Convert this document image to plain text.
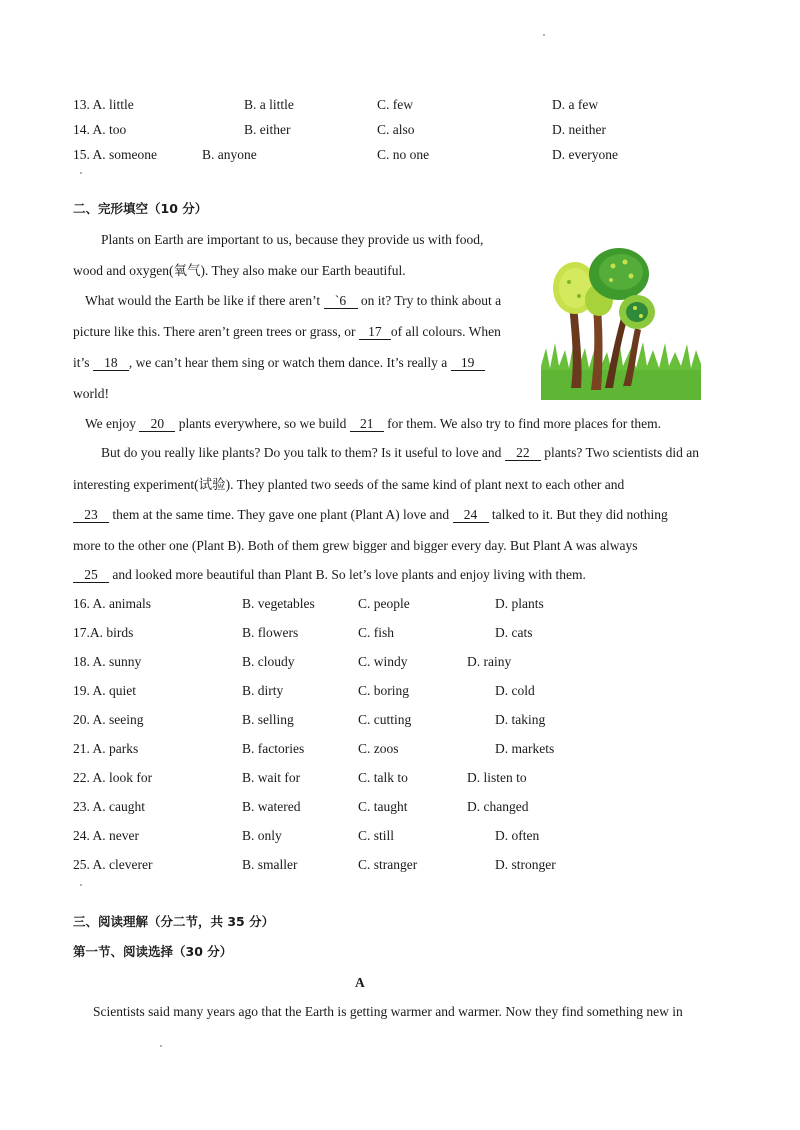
13. A. little	B. a little	C. few	D. a few
14. A. too	B. either	C. also	D. neither
15. A. someone	B. anyone	C. no one	D. everyone
二、完形填空（10 分）
Plants on Earth are important to us, because they provide us with food,
wood and oxygen(氧气). They also make our Earth beautiful.
What would the Earth be like if there aren’t `6 on it? Try to think about a
picture like this. There aren’t green trees or grass, or 17 of all colours. When
it’s 18 , we can’t hear them sing or watch them dance. It’s really a 19
world!
We enjoy 20 plants everywhere, so we build 21 for them. We also try to find more places for them.
But do you really like plants? Do you talk to them? Is it useful to love and 22 plants? Two scientists did an
interesting experiment(试验). They planted two seeds of the same kind of plant next to each other and
23 them at the same time. They gave one plant (Plant A) love and 24 talked to it. But they did nothing
more to the other one (Plant B). Both of them grew bigger and bigger every day. But Plant A was always
25 and looked more beautiful than Plant B. So let’s love plants and enjoy living with them.
16. A. animals	B. vegetables	C. people	D. plants
17.A. birds	B. flowers	C. fish	D. cats
18. A. sunny	B. cloudy	C. windy	D. rainy
19. A. quiet	B. dirty	C. boring	D. cold
20. A. seeing	B. selling	C. cutting	D. taking
21. A. parks	B. factories	C. zoos	D. markets
22. A. look for	B. wait for	C. talk to	D. listen to
23. A. caught	B. watered	C. taught	D. changed
24. A. never	B. only	C. still	D. often
25. A. cleverer	B. smaller	C. stranger	D. stronger
三、阅读理解（分二节，共 35 分）
第一节、阅读选择（30 分）
A
Scientists said many years ago that the Earth is getting warmer and warmer. Now they find something new in
